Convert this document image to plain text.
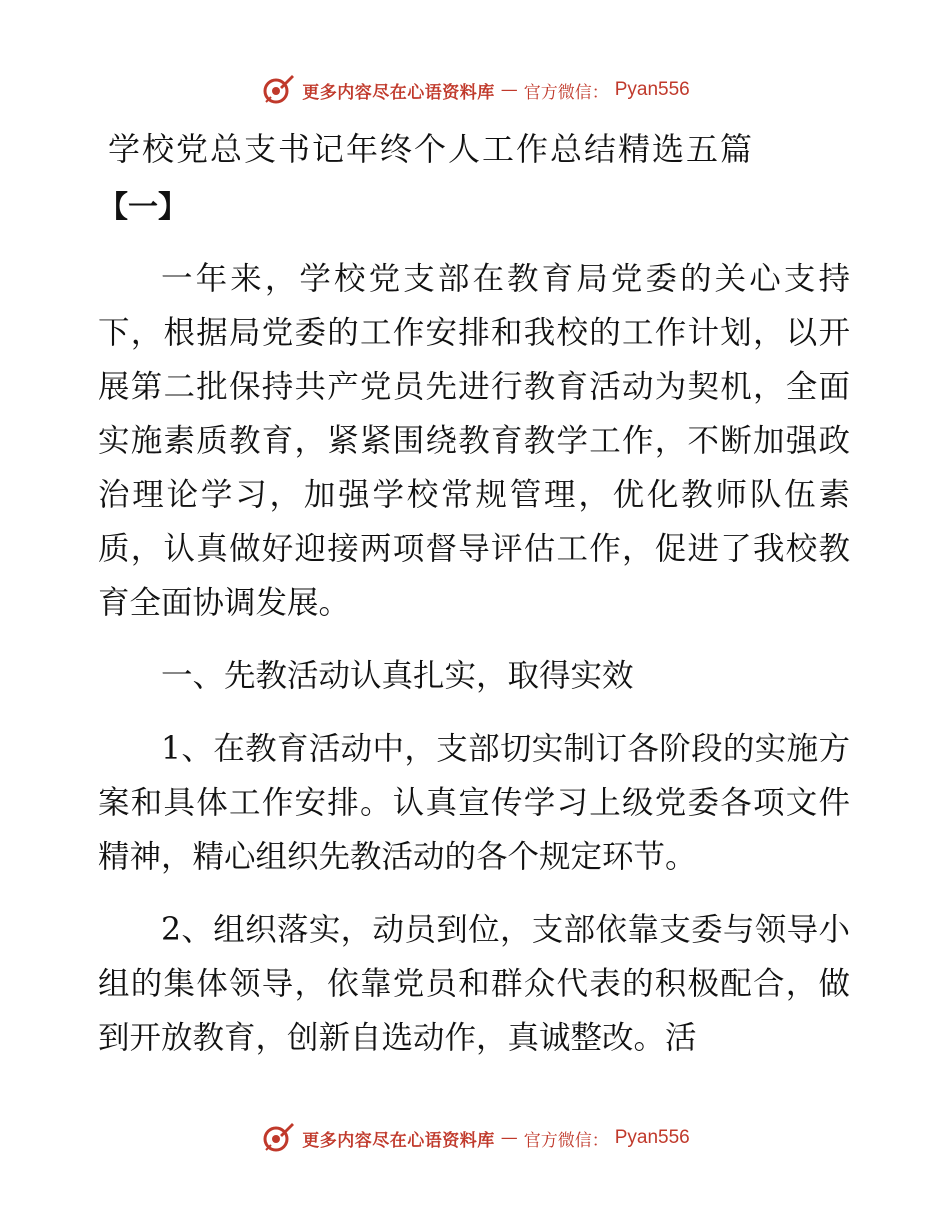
更多内容尽在心语资料库 — 官方微信： Pyan556
学校党总支书记年终个人工作总结精选五篇
【一】

一年来，学校党支部在教育局党委的关心支持下，根据局党委的工作安排和我校的工作计划，以开展第二批保持共产党员先进行教育活动为契机，全面实施素质教育，紧紧围绕教育教学工作，不断加强政治理论学习，加强学校常规管理，优化教师队伍素质，认真做好迎接两项督导评估工作，促进了我校教育全面协调发展。

一、先教活动认真扎实，取得实效

1、在教育活动中，支部切实制订各阶段的实施方案和具体工作安排。认真宣传学习上级党委各项文件精神，精心组织先教活动的各个规定环节。

2、组织落实，动员到位，支部依靠支委与领导小组的集体领导，依靠党员和群众代表的积极配合，做到开放教育，创新自选动作，真诚整改。活

更多内容尽在心语资料库 — 官方微信： Pyan556
